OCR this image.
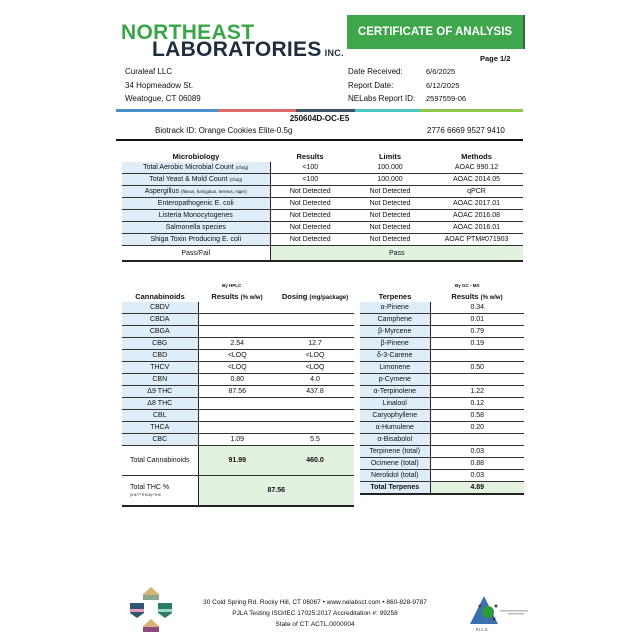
NORTHEAST
LABORATORIES INC.
CERTIFICATE OF ANALYSIS
Page 1/2
Curaleaf LLC
34 Hopmeadow St.
Weatogue, CT 06089
Date Received:	6/6/2025
Report Date:	6/12/2025
NELabs Report ID: 2597559-06
250604D-OC-E5
Biotrack ID: Orange Cookies Elite-0.5g	2776 6669 9527 9410
Microbiology	Results	Limits	Methods
Total Aerobic Microbial Count (cfu/g)	<100	100,000	AOAC 990.12
Total Yeast & Mold Count (cfu/g)	<100	100,000	AOAC 2014.05
Aspergillus (flavus, fumigatus, terreus, niger)	Not Detected	Not Detected	qPCR
Enteropathogenic E. coli	Not Detected	Not Detected	AOAC 2017.01
Listeria Monocytogenes	Not Detected	Not Detected	AOAC 2016.08
Salmonella species	Not Detected	Not Detected	AOAC 2016.01
Shiga Toxin Producing E. coli	Not Detected	Not Detected	AOAC PTM#071903
Pass/Fail	Pass		
By HPLC
Cannabinoids	Results (% w/w)	Dosing (mg/package)
CBDV		
CBDA		
CBGA		
CBG	2.54	12.7
CBD	<LOQ	<LOQ
THCV	<LOQ	<LOQ
CBN	0.80	4.0
Δ9 THC	87.56	437.8
Δ8 THC		
CBL		
THCA		
CBC	1.09	5.5
Total Cannabinoids	91.99	460.0
Total THC % (0.877*THCA)+THC	87.56	
By GC - MS
Terpenes	Results (% w/w)
α-Pinene	0.34
Camphene	0.01
β-Myrcene	0.79
β-Pinene	0.19
δ-3-Carene	
Limonene	0.50
p-Cymene	
α-Terpinolene	1.22
Linalool	0.12
Caryophyllene	0.58
α-Humulene	0.20
α-Bisabolol	
Terpinene (total)	0.03
Ocimene (total)	0.88
Nerolidol (total)	0.03
Total Terpenes	4.89
30 Cold Spring Rd. Rocky Hill, CT 06067 • www.nelabsct.com • 860-828-9787
PJLA Testing ISO/IEC 17025:2017 Accreditation #: 99258
State of CT: ACTL.0000004
P.J.L.A.
